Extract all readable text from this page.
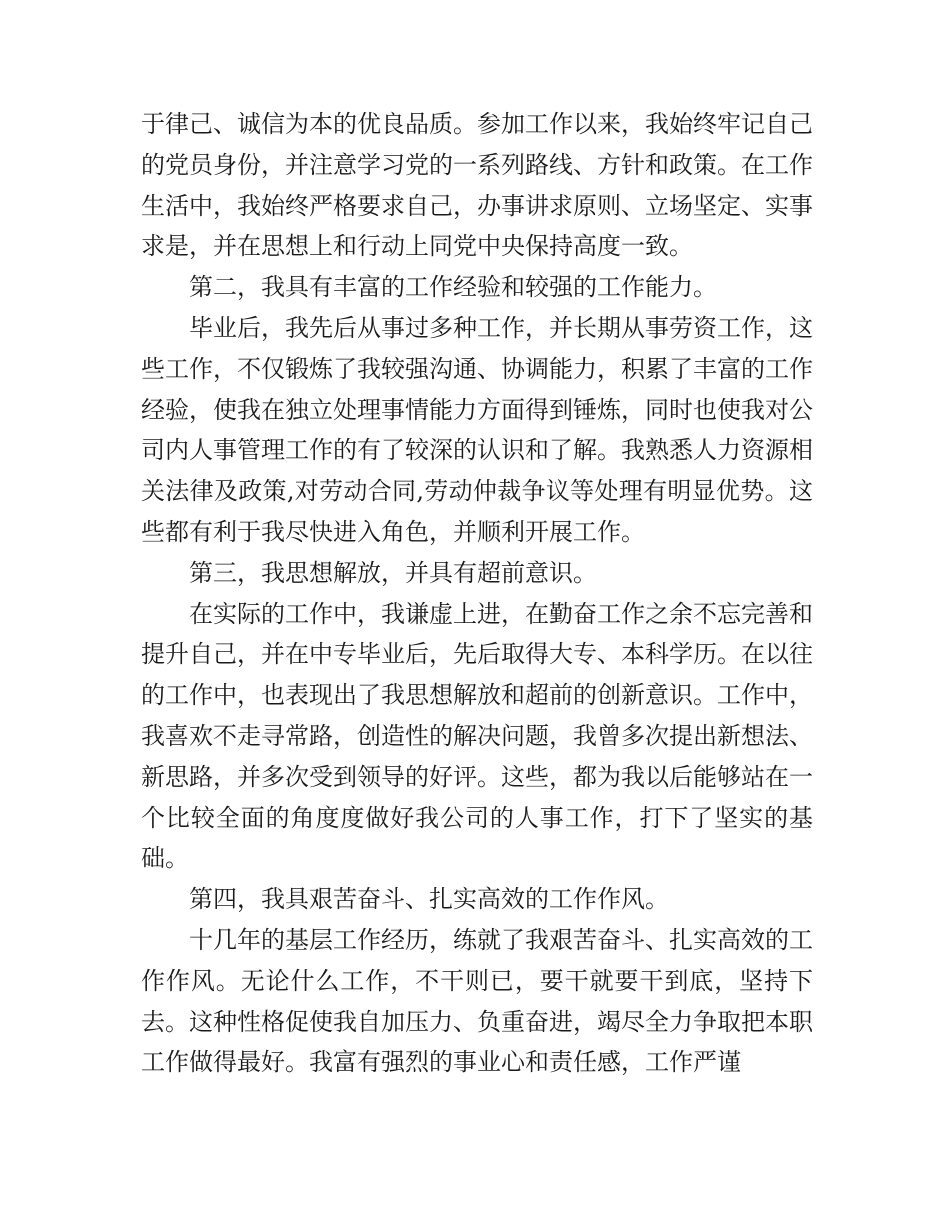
于律己、诚信为本的优良品质。参加工作以来，我始终牢记自己的党员身份，并注意学习党的一系列路线、方针和政策。在工作生活中，我始终严格要求自己，办事讲求原则、立场坚定、实事求是，并在思想上和行动上同党中央保持高度一致。

第二，我具有丰富的工作经验和较强的工作能力。

毕业后，我先后从事过多种工作，并长期从事劳资工作，这些工作，不仅锻炼了我较强沟通、协调能力，积累了丰富的工作经验，使我在独立处理事情能力方面得到锤炼，同时也使我对公司内人事管理工作的有了较深的认识和了解。我熟悉人力资源相关法律及政策,对劳动合同,劳动仲裁争议等处理有明显优势。这些都有利于我尽快进入角色，并顺利开展工作。

第三，我思想解放，并具有超前意识。

在实际的工作中，我谦虚上进，在勤奋工作之余不忘完善和提升自己，并在中专毕业后，先后取得大专、本科学历。在以往的工作中，也表现出了我思想解放和超前的创新意识。工作中，我喜欢不走寻常路，创造性的解决问题，我曾多次提出新想法、新思路，并多次受到领导的好评。这些，都为我以后能够站在一个比较全面的角度度做好我公司的人事工作，打下了坚实的基础。

第四，我具艰苦奋斗、扎实高效的工作作风。

十几年的基层工作经历，练就了我艰苦奋斗、扎实高效的工作作风。无论什么工作，不干则已，要干就要干到底，坚持下去。这种性格促使我自加压力、负重奋进，竭尽全力争取把本职工作做得最好。我富有强烈的事业心和责任感，工作严谨
